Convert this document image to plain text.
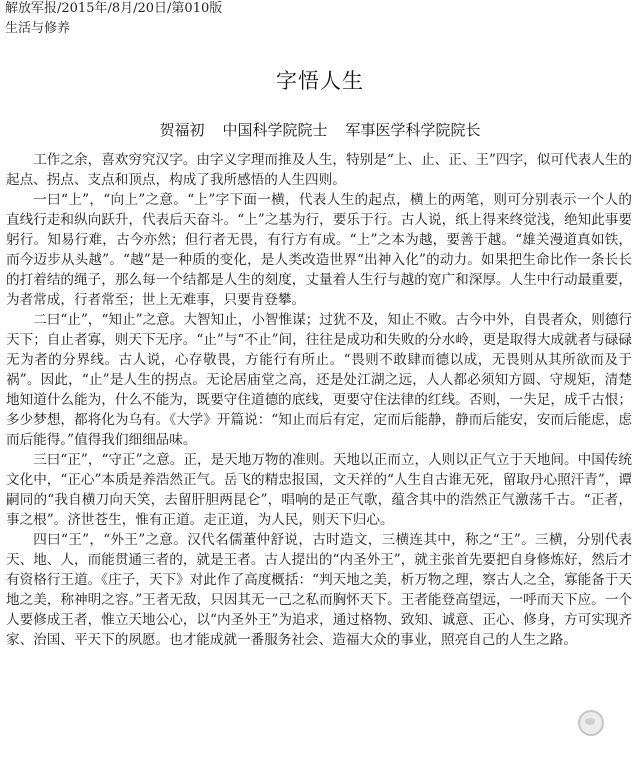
解放军报/2015年/8月/20日/第010版
生活与修养
字悟人生
贺福初 中国科学院院士 军事医学科学院院长

工作之余，喜欢穷究汉字。由字义字理而推及人生，特别是“上、止、正、王”四字，似可代表人生的起点、拐点、支点和顶点，构成了我所感悟的人生四则。

一曰“上”，“向上”之意。“上”字下面一横，代表人生的起点，横上的两笔，则可分别表示一个人的直线行走和纵向跃升，代表后天奋斗。“上”之基为行，要乐于行。古人说，纸上得来终觉浅，绝知此事要躬行。知易行难，古今亦然；但行者无畏，有行方有成。“上”之本为越，要善于越。“雄关漫道真如铁，而今迈步从头越”。“越”是一种质的变化，是人类改造世界“出神入化”的动力。如果把生命比作一条长长的打着结的绳子，那么每一个结都是人生的刻度，丈量着人生行与越的宽广和深厚。人生中行动最重要，为者常成，行者常至；世上无难事，只要肯登攀。

二曰“止”，“知止”之意。大智知止，小智惟谋；过犹不及，知止不败。古今中外，自畏者众，则德行天下；自止者寡，则天下无序。“止”与“不止”间，往往是成功和失败的分水岭，更是取得大成就者与碌碌无为者的分界线。古人说，心存敬畏，方能行有所止。“畏则不敢肆而德以成，无畏则从其所欲而及于祸”。因此，“止”是人生的拐点。无论居庙堂之高，还是处江湖之远，人人都必须知方圆、守规矩，清楚地知道什么能为，什么不能为，既要守住道德的底线，更要守住法律的红线。否则，一失足，成千古恨；多少梦想，都将化为乌有。《大学》开篇说：“知止而后有定，定而后能静，静而后能安，安而后能虑，虑而后能得。”值得我们细细品味。

三曰“正”，“守正”之意。正，是天地万物的准则。天地以正而立，人则以正气立于天地间。中国传统文化中，“正心”本质是养浩然正气。岳飞的精忠报国，文天祥的“人生自古谁无死，留取丹心照汗青”，谭嗣同的“我自横刀向天笑，去留肝胆两昆仑”，唱响的是正气歌，蕴含其中的浩然正气激荡千古。“正者，事之根”。济世苍生，惟有正道。走正道，为人民，则天下归心。

四曰“王”，“外王”之意。汉代名儒董仲舒说，古时造文，三横连其中，称之“王”。三横，分别代表天、地、人，而能贯通三者的，就是王者。古人提出的“内圣外王”，就主张首先要把自身修炼好，然后才有资格行王道。《庄子，天下》对此作了高度概括：“判天地之美，析万物之理，察古人之全，寡能备于天地之美，称神明之容。”王者无敌，只因其无一己之私而胸怀天下。王者能登高望远，一呼而天下应。一个人要修成王者，惟立天地公心，以“内圣外王”为追求，通过格物、致知、诚意、正心、修身，方可实现齐家、治国、平天下的夙愿。也才能成就一番服务社会、造福大众的事业，照亮自己的人生之路。
